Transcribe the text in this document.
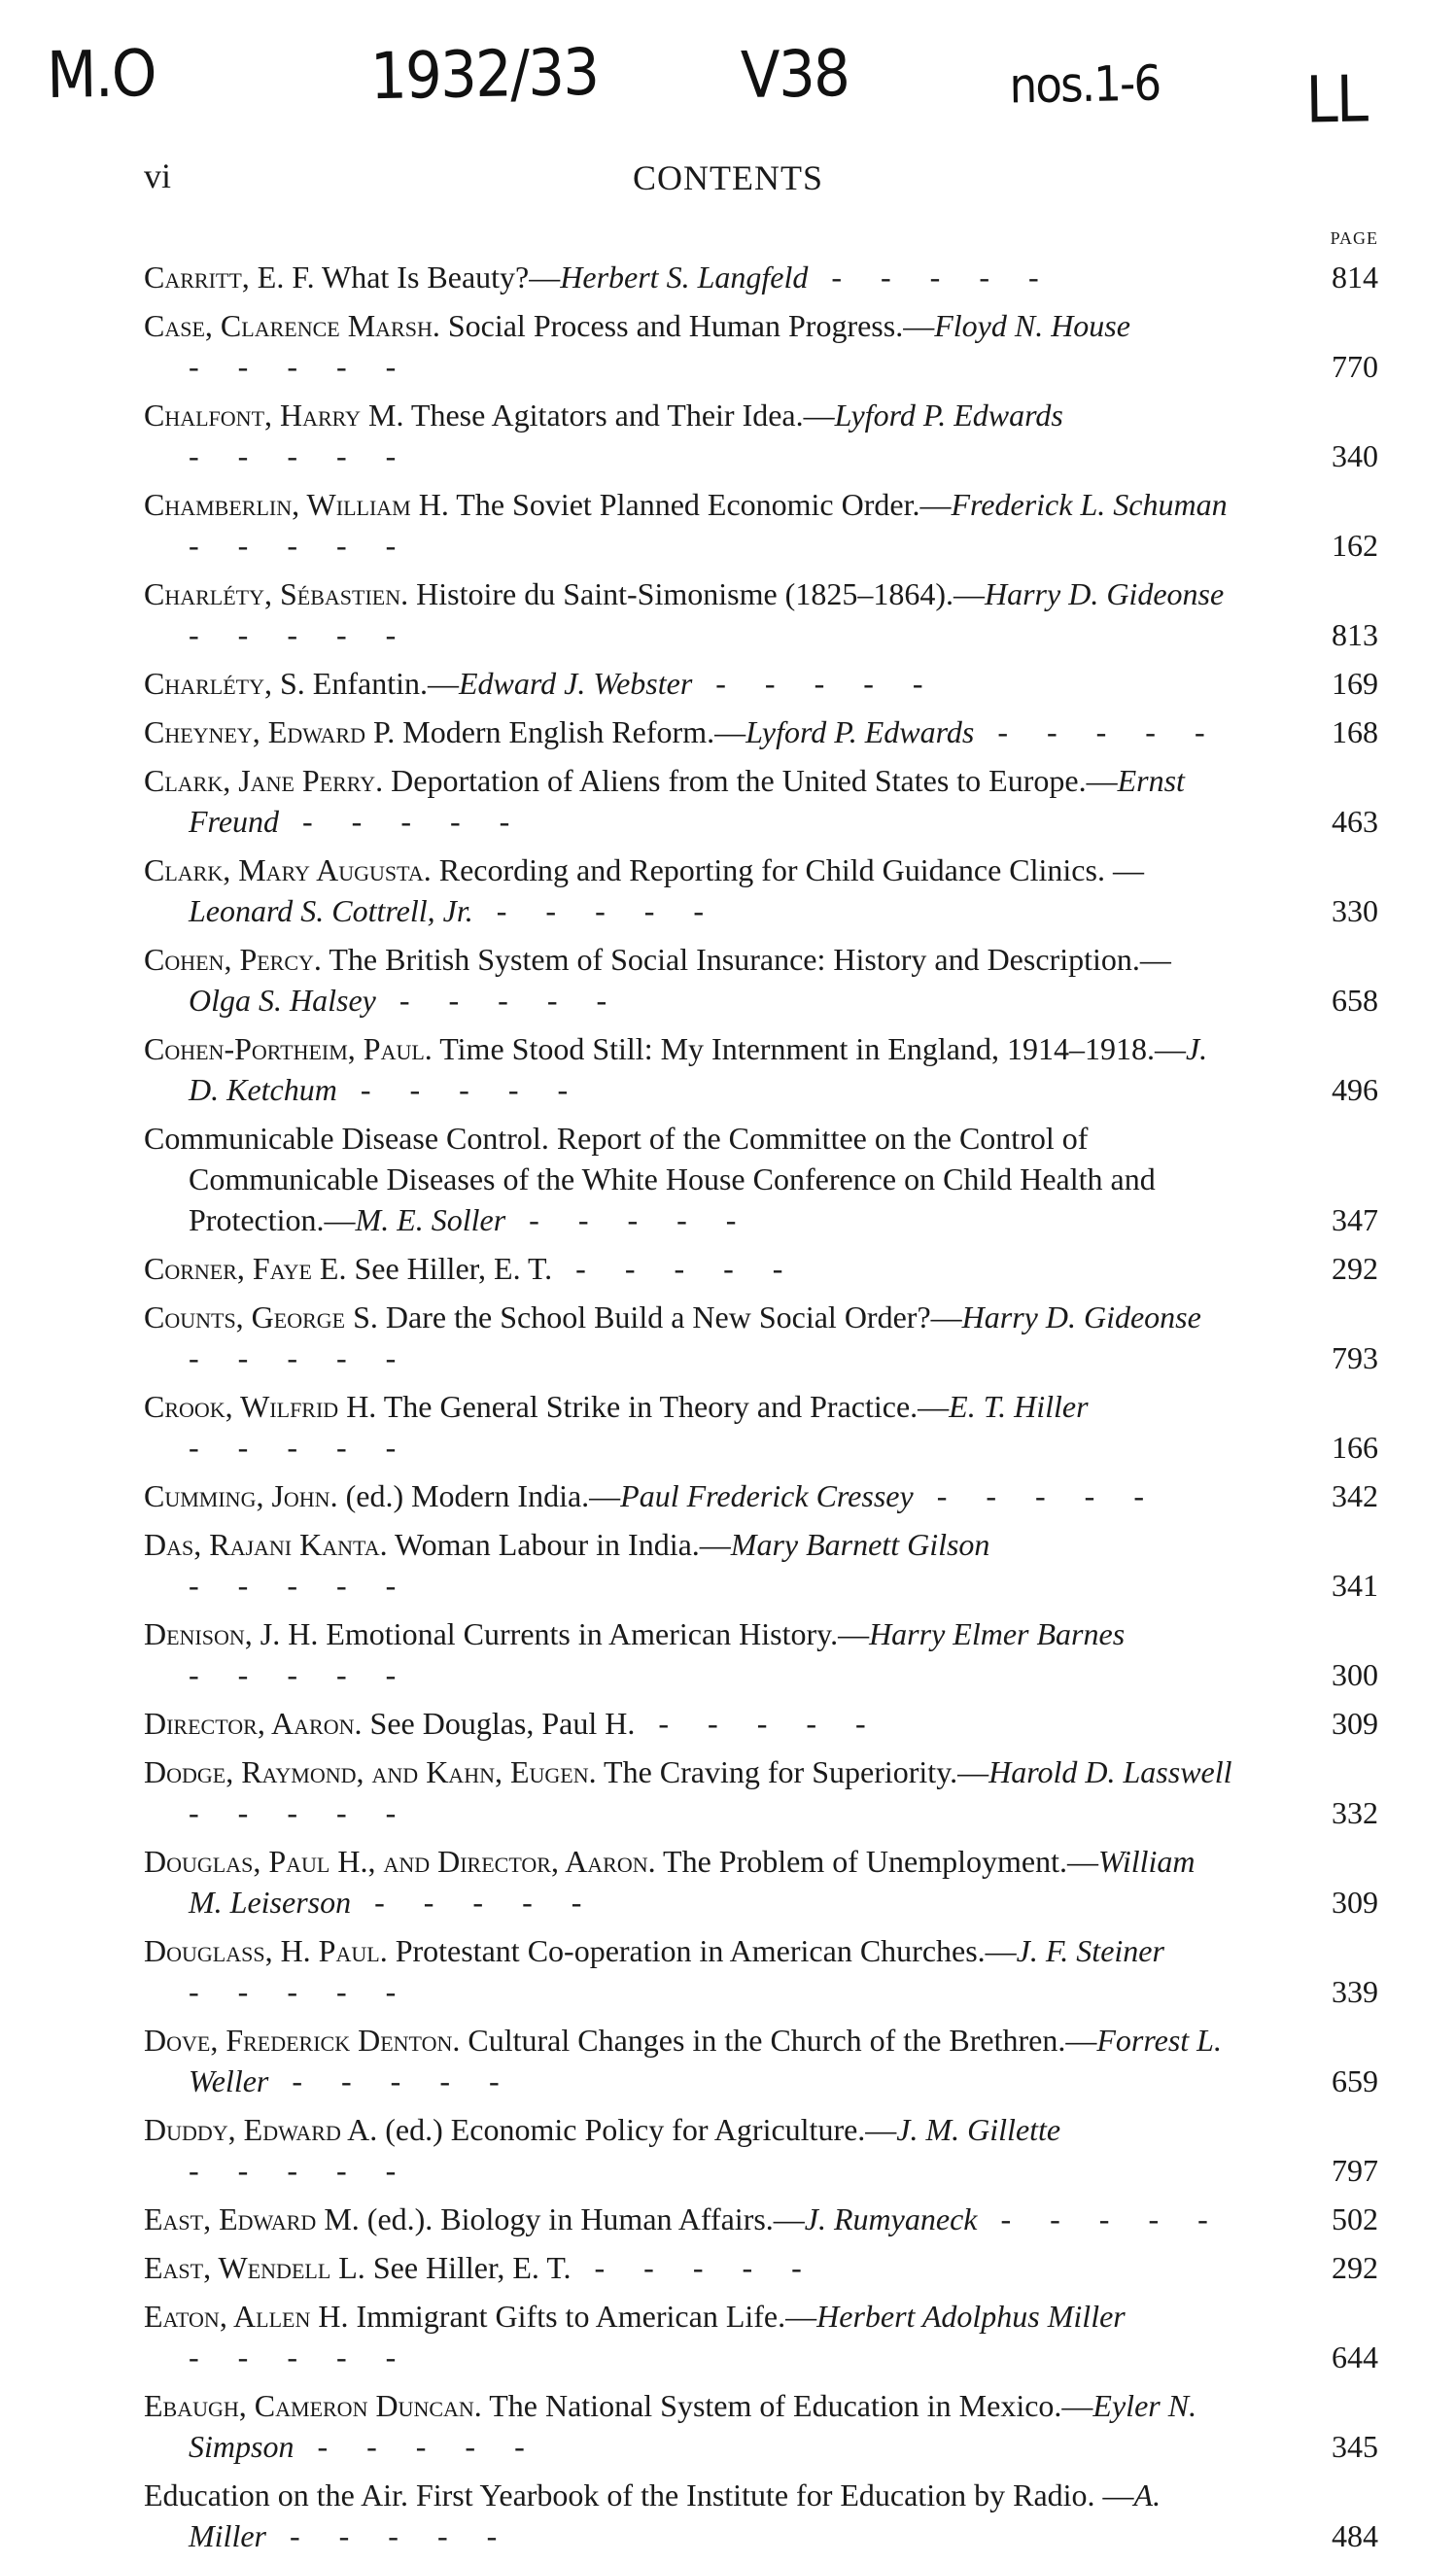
M.O	1932/33 V38	nos.1-6 LL
vi	CONTENTS
PAGE
Carritt, E. F. What Is Beauty?—Herbert S. Langfeld - - - - -	814
Case, Clarence Marsh. Social Process and Human Progress.—Floyd N. House - - - - -	770
Chalfont, Harry M. These Agitators and Their Idea.—Lyford P. Edwards - - - - -	340
Chamberlin, William H. The Soviet Planned Economic Order.—Frederick L. Schuman - - - - -	162
Charléty, Sébastien. Histoire du Saint-Simonisme (1825–1864).—Harry D. Gideonse - - - - -	813
Charléty, S. Enfantin.—Edward J. Webster - - - - -	169
Cheyney, Edward P. Modern English Reform.—Lyford P. Edwards - - - - -	168
Clark, Jane Perry. Deportation of Aliens from the United States to Europe.—Ernst Freund - - - - -	463
Clark, Mary Augusta. Recording and Reporting for Child Guidance Clinics. —Leonard S. Cottrell, Jr. - - - - -	330
Cohen, Percy. The British System of Social Insurance: History and Description.—Olga S. Halsey - - - - -	658
Cohen-Portheim, Paul. Time Stood Still: My Internment in England, 1914–1918.—J. D. Ketchum - - - - -	496
Communicable Disease Control. Report of the Committee on the Control of Communicable Diseases of the White House Conference on Child Health and Protection.—M. E. Soller - - - - -	347
Corner, Faye E. See Hiller, E. T. - - - - -	292
Counts, George S. Dare the School Build a New Social Order?—Harry D. Gideonse - - - - -	793
Crook, Wilfrid H. The General Strike in Theory and Practice.—E. T. Hiller - - - - -	166
Cumming, John. (ed.) Modern India.—Paul Frederick Cressey - - - - -	342
Das, Rajani Kanta. Woman Labour in India.—Mary Barnett Gilson - - - - -	341
Denison, J. H. Emotional Currents in American History.—Harry Elmer Barnes - - - - -	300
Director, Aaron. See Douglas, Paul H. - - - - -	309
Dodge, Raymond, and Kahn, Eugen. The Craving for Superiority.—Harold D. Lasswell - - - - -	332
Douglas, Paul H., and Director, Aaron. The Problem of Unemployment.—William M. Leiserson - - - - -	309
Douglass, H. Paul. Protestant Co-operation in American Churches.—J. F. Steiner - - - - -	339
Dove, Frederick Denton. Cultural Changes in the Church of the Brethren.—Forrest L. Weller - - - - -	659
Duddy, Edward A. (ed.) Economic Policy for Agriculture.—J. M. Gillette - - - - -	797
East, Edward M. (ed.). Biology in Human Affairs.—J. Rumyaneck - - - - -	502
East, Wendell L. See Hiller, E. T. - - - - -	292
Eaton, Allen H. Immigrant Gifts to American Life.—Herbert Adolphus Miller - - - - -	644
Ebaugh, Cameron Duncan. The National System of Education in Mexico.—Eyler N. Simpson - - - - -	345
Education on the Air. First Yearbook of the Institute for Education by Radio. —A. Miller - - - - -	484
